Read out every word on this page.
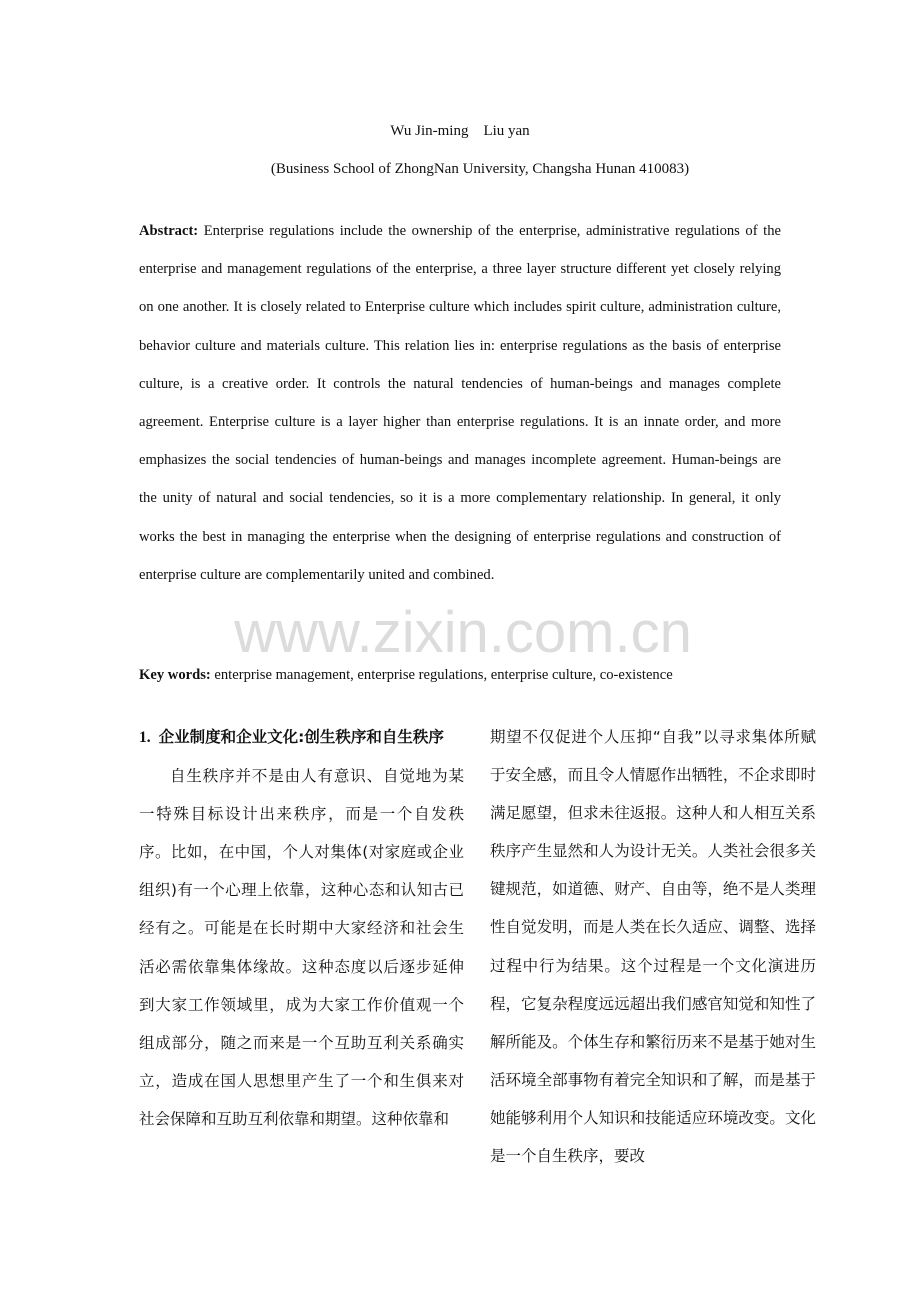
Wu Jin-ming    Liu yan
(Business School of ZhongNan University, Changsha Hunan 410083)
Abstract: Enterprise regulations include the ownership of the enterprise, administrative regulations of the enterprise and management regulations of the enterprise, a three layer structure different yet closely relying on one another. It is closely related to Enterprise culture which includes spirit culture, administration culture, behavior culture and materials culture. This relation lies in: enterprise regulations as the basis of enterprise culture, is a creative order. It controls the natural tendencies of human-beings and manages complete agreement. Enterprise culture is a layer higher than enterprise regulations. It is an innate order, and more emphasizes the social tendencies of human-beings and manages incomplete agreement. Human-beings are the unity of natural and social tendencies, so it is a more complementary relationship. In general, it only works the best in managing the enterprise when the designing of enterprise regulations and construction of enterprise culture are complementarily united and combined.
www.zixin.com.cn
Key words: enterprise management, enterprise regulations, enterprise culture, co-existence

1. 企业制度和企业文化:创生秩序和自生秩序

自生秩序并不是由人有意识、自觉地为某一特殊目标设计出来秩序，而是一个自发秩序。比如，在中国，个人对集体(对家庭或企业组织)有一个心理上依靠，这种心态和认知古已经有之。可能是在长时期中大家经济和社会生活必需依靠集体缘故。这种态度以后逐步延伸到大家工作领域里，成为大家工作价值观一个组成部分，随之而来是一个互助互利关系确实立，造成在国人思想里产生了一个和生俱来对社会保障和互助互利依靠和期望。这种依靠和

期望不仅促进个人压抑“自我”以寻求集体所赋于安全感，而且令人情愿作出牺牲，不企求即时满足愿望，但求未往返报。这种人和人相互关系秩序产生显然和人为设计无关。人类社会很多关键规范，如道德、财产、自由等，绝不是人类理性自觉发明，而是人类在长久适应、调整、选择过程中行为结果。这个过程是一个文化演进历程，它复杂程度远远超出我们感官知觉和知性了解所能及。个体生存和繁衍历来不是基于她对生活环境全部事物有着完全知识和了解，而是基于她能够利用个人知识和技能适应环境改变。文化是一个自生秩序，要改
